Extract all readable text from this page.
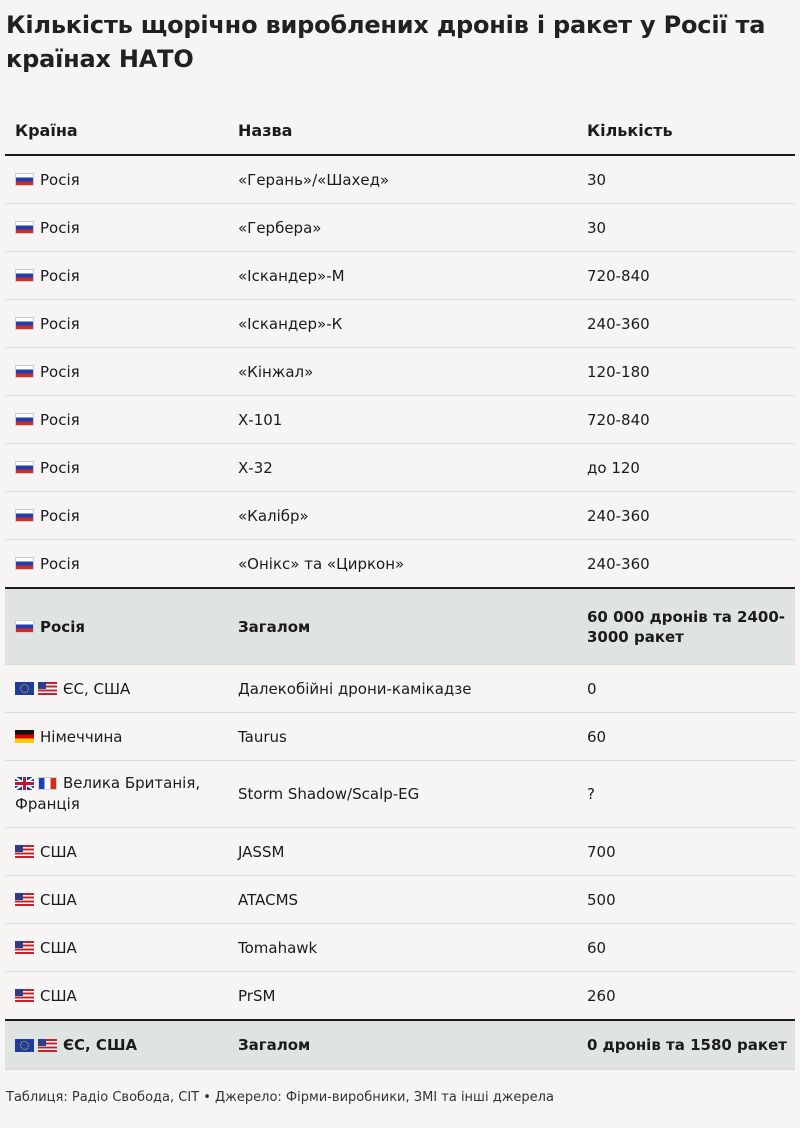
Кількість щорічно вироблених дронів і ракет у Росії та країнах НАТО
Країна	Назва	Кількість

Росія	«Герань»/«Шахед»	30

Росія	«Гербера»	30

Росія	«Іскандер»-М	720-840

Росія	«Іскандер»-К	240-360

Росія	«Кінжал»	120-180

Росія	Х-101	720-840

Росія	Х-32	до 120

Росія	«Калібр»	240-360

Росія	«Онікс» та «Циркон»	240-360

Росія	Загалом	60 000 дронів та 2400-3000 ракет

ЄС, США	Далекобійні дрони-камікадзе	0

Німеччина	Taurus	60

Велика Британія, Франція	Storm Shadow/Scalp-EG	?

США	JASSM	700

США	ATACMS	500

США	Tomahawk	60

США	PrSM	260

ЄС, США	Загалом	0 дронів та 1580 ракет
Таблиця: Радіо Свобода, CIT • Джерело: Фірми-виробники, ЗМІ та інші джерела
